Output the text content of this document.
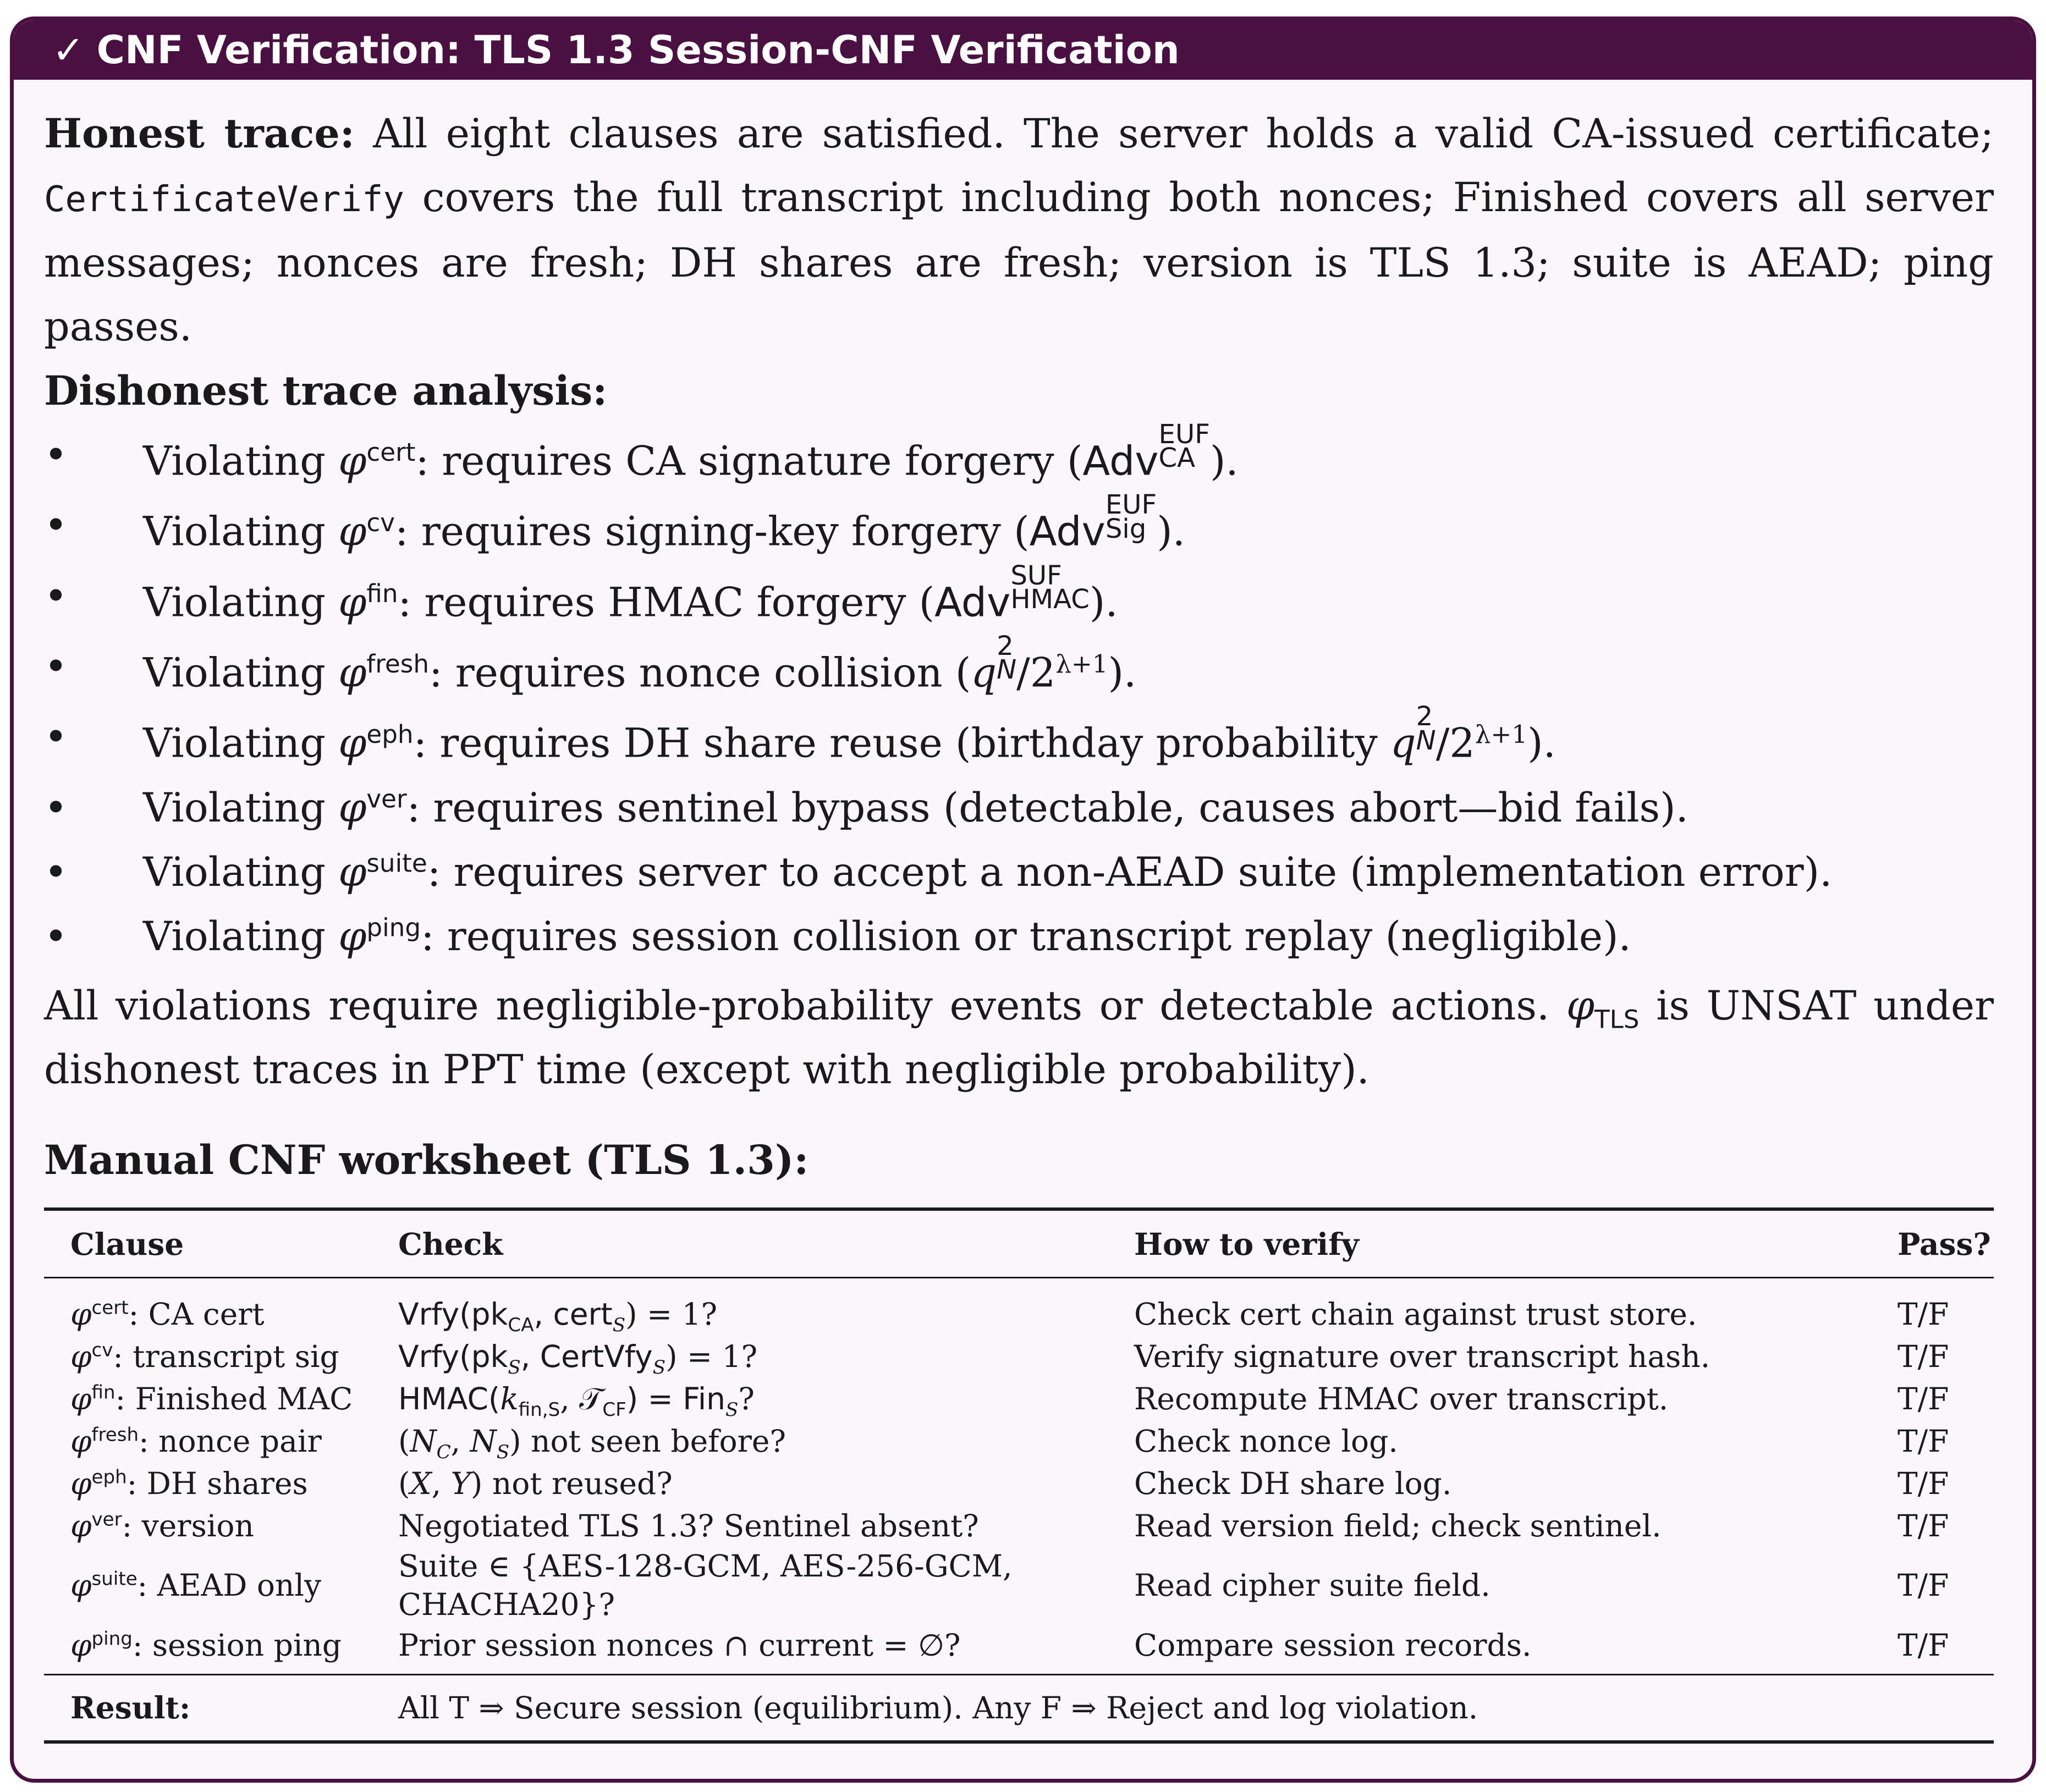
✓ CNF Verification: TLS 1.3 Session-CNF Verification

Honest trace: All eight clauses are satisfied. The server holds a valid CA-issued certificate; CertificateVerify covers the full transcript including both nonces; Finished covers all server messages; nonces are fresh; DH shares are fresh; version is TLS 1.3; suite is AEAD; ping passes.

Dishonest trace analysis:
• Violating $\varphi^{cert}$: requires CA signature forgery (Adv
EUF
CA ).
• Violating $\varphi^{cv}$: requires signing-key forgery (Adv
EUF
Sig ).
• Violating $\varphi^{fin}$: requires HMAC forgery (Adv
SUF
HMAC ).
• Violating $\varphi^{fresh}$: requires nonce collision (q
2
N $/2^{\lambda+1}$).
• Violating $\varphi^{eph}$: requires DH share reuse (birthday probability q
2
N $/2^{\lambda+1}$).
• Violating $\varphi^{ver}$: requires sentinel bypass (detectable, causes abort—bid fails).
• Violating $\varphi^{suite}$: requires server to accept a non-AEAD suite (implementation error).
• Violating $\varphi^{ping}$: requires session collision or transcript replay (negligible).

All violations require negligible-probability events or detectable actions. $\varphi_{TLS}$ is UNSAT under dishonest traces in PPT time (except with negligible probability).

Manual CNF worksheet (TLS 1.3):
Clause	Check	How to verify	Pass?
$\varphi^{cert}$: CA cert	$Vrfy(pk_{CA}$, cert$_S$) = 1?	Check cert chain against trust store.	T/F
$\varphi^{cv}$: transcript sig	$Vrfy(pk_S$, CertVfy$_S$) = 1?	Verify signature over transcript hash.	T/F
$\varphi^{fin}$: Finished MAC	$HMAC(k_{fin,S}$, 𝒯$_{CF}$) = Fin$_S$?	Recompute HMAC over transcript.	T/F
$\varphi^{fresh}$: nonce pair	($N_C$, $N_S$) not seen before?	Check nonce log.	T/F
$\varphi^{eph}$: DH shares	(X, Y) not reused?	Check DH share log.	T/F
$\varphi^{ver}$: version	Negotiated TLS 1.3? Sentinel absent?	Read version field; check sentinel.	T/F
$\varphi^{suite}$: AEAD only	Suite ∈ {AES-128-GCM, AES-256-GCM,
CHACHA20}?	Read cipher suite field.	T/F
$\varphi^{ping}$: session ping	Prior session nonces ∩ current = ∅?	Compare session records.	T/F
Result:	All T ⇒ Secure session (equilibrium). Any F ⇒ Reject and log violation.		
